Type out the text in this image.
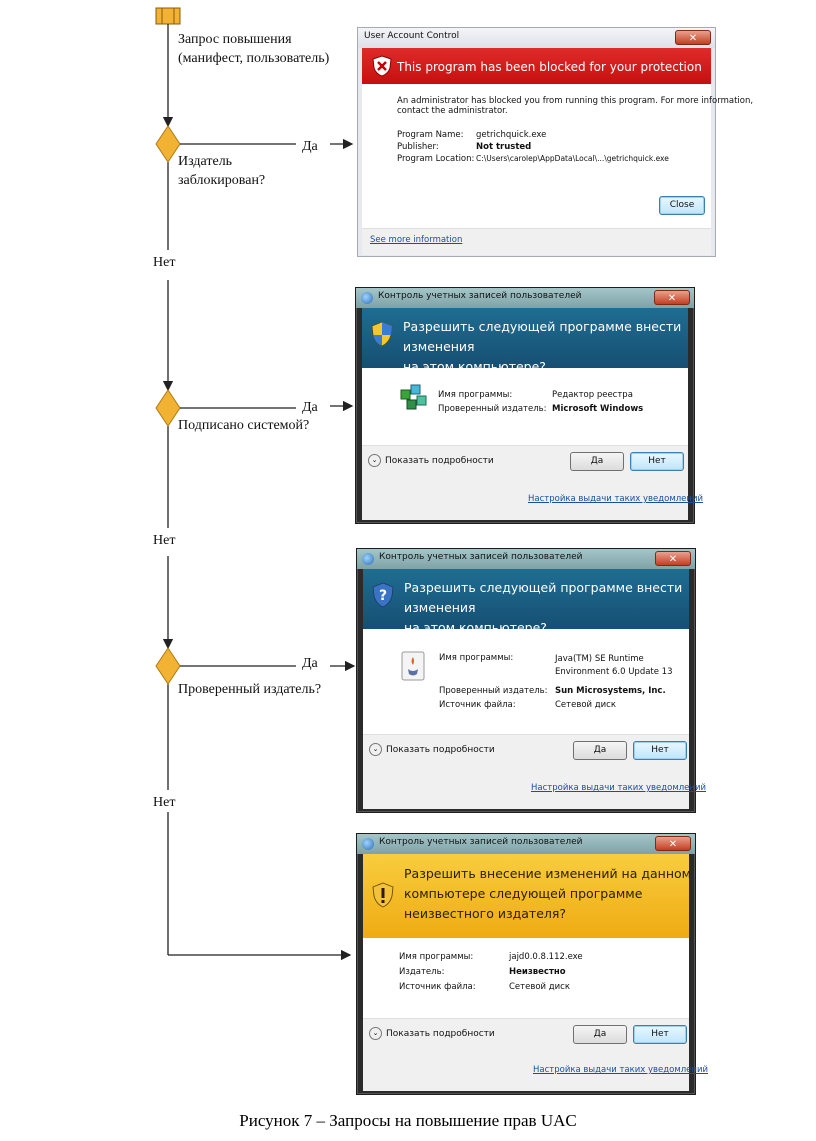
Запрос повышения
(манифест, пользователь)
Издатель
заблокирован?
Да
Нет
Подписано системой?
Да
Нет
Проверенный издатель?
Да
Нет
User Account Control	✕
This program has been blocked for your protection
An administrator has blocked you from running this program. For more information,
contact the administrator.
Program Name: getrichquick.exe
Publisher:	Not trusted
Program Location: C:\Users\carolep\AppData\Local\...\getrichquick.exe
Close
See more information
Контроль учетных записей пользователей	✕
Разрешить следующей программе внести изменения
на этом компьютере?
Имя программы:	Редактор реестра
Проверенный издатель: Microsoft Windows
⌄ Показать подробности	Да	Нет
Настройка выдачи таких уведомлений
Контроль учетных записей пользователей	✕
?
Разрешить следующей программе внести изменения
на этом компьютере?
Имя программы:	Java(TM) SE Runtime
Environment 6.0 Update 13
Проверенный издатель: Sun Microsystems, Inc.
Источник файла:	Сетевой диск
⌄ Показать подробности	Да	Нет
Настройка выдачи таких уведомлений
Контроль учетных записей пользователей	✕
Разрешить внесение изменений на данном компьютере следующей программе неизвестного издателя?
Имя программы:	jajd0.0.8.112.exe
Издатель:	Неизвестно
Источник файла:	Сетевой диск
⌄ Показать подробности	Да	Нет
Настройка выдачи таких уведомлений
Рисунок 7 – Запросы на повышение прав UAC
